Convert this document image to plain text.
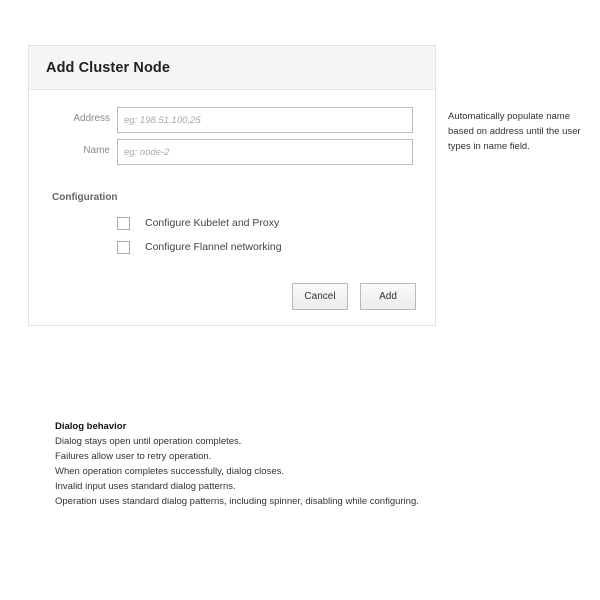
Add Cluster Node
Address
eg: 198.51.100,25
Name
eg: node-2
Configuration
Configure Kubelet and Proxy
Configure Flannel networking
Cancel	Add
Automatically populate name based on address until the user types in name field.
Dialog behavior
Dialog stays open until operation completes.
Failures allow user to retry operation.
When operation completes successfully, dialog closes.
Invalid input uses standard dialog patterns.
Operation uses standard dialog patterns, including spinner, disabling while configuring.
